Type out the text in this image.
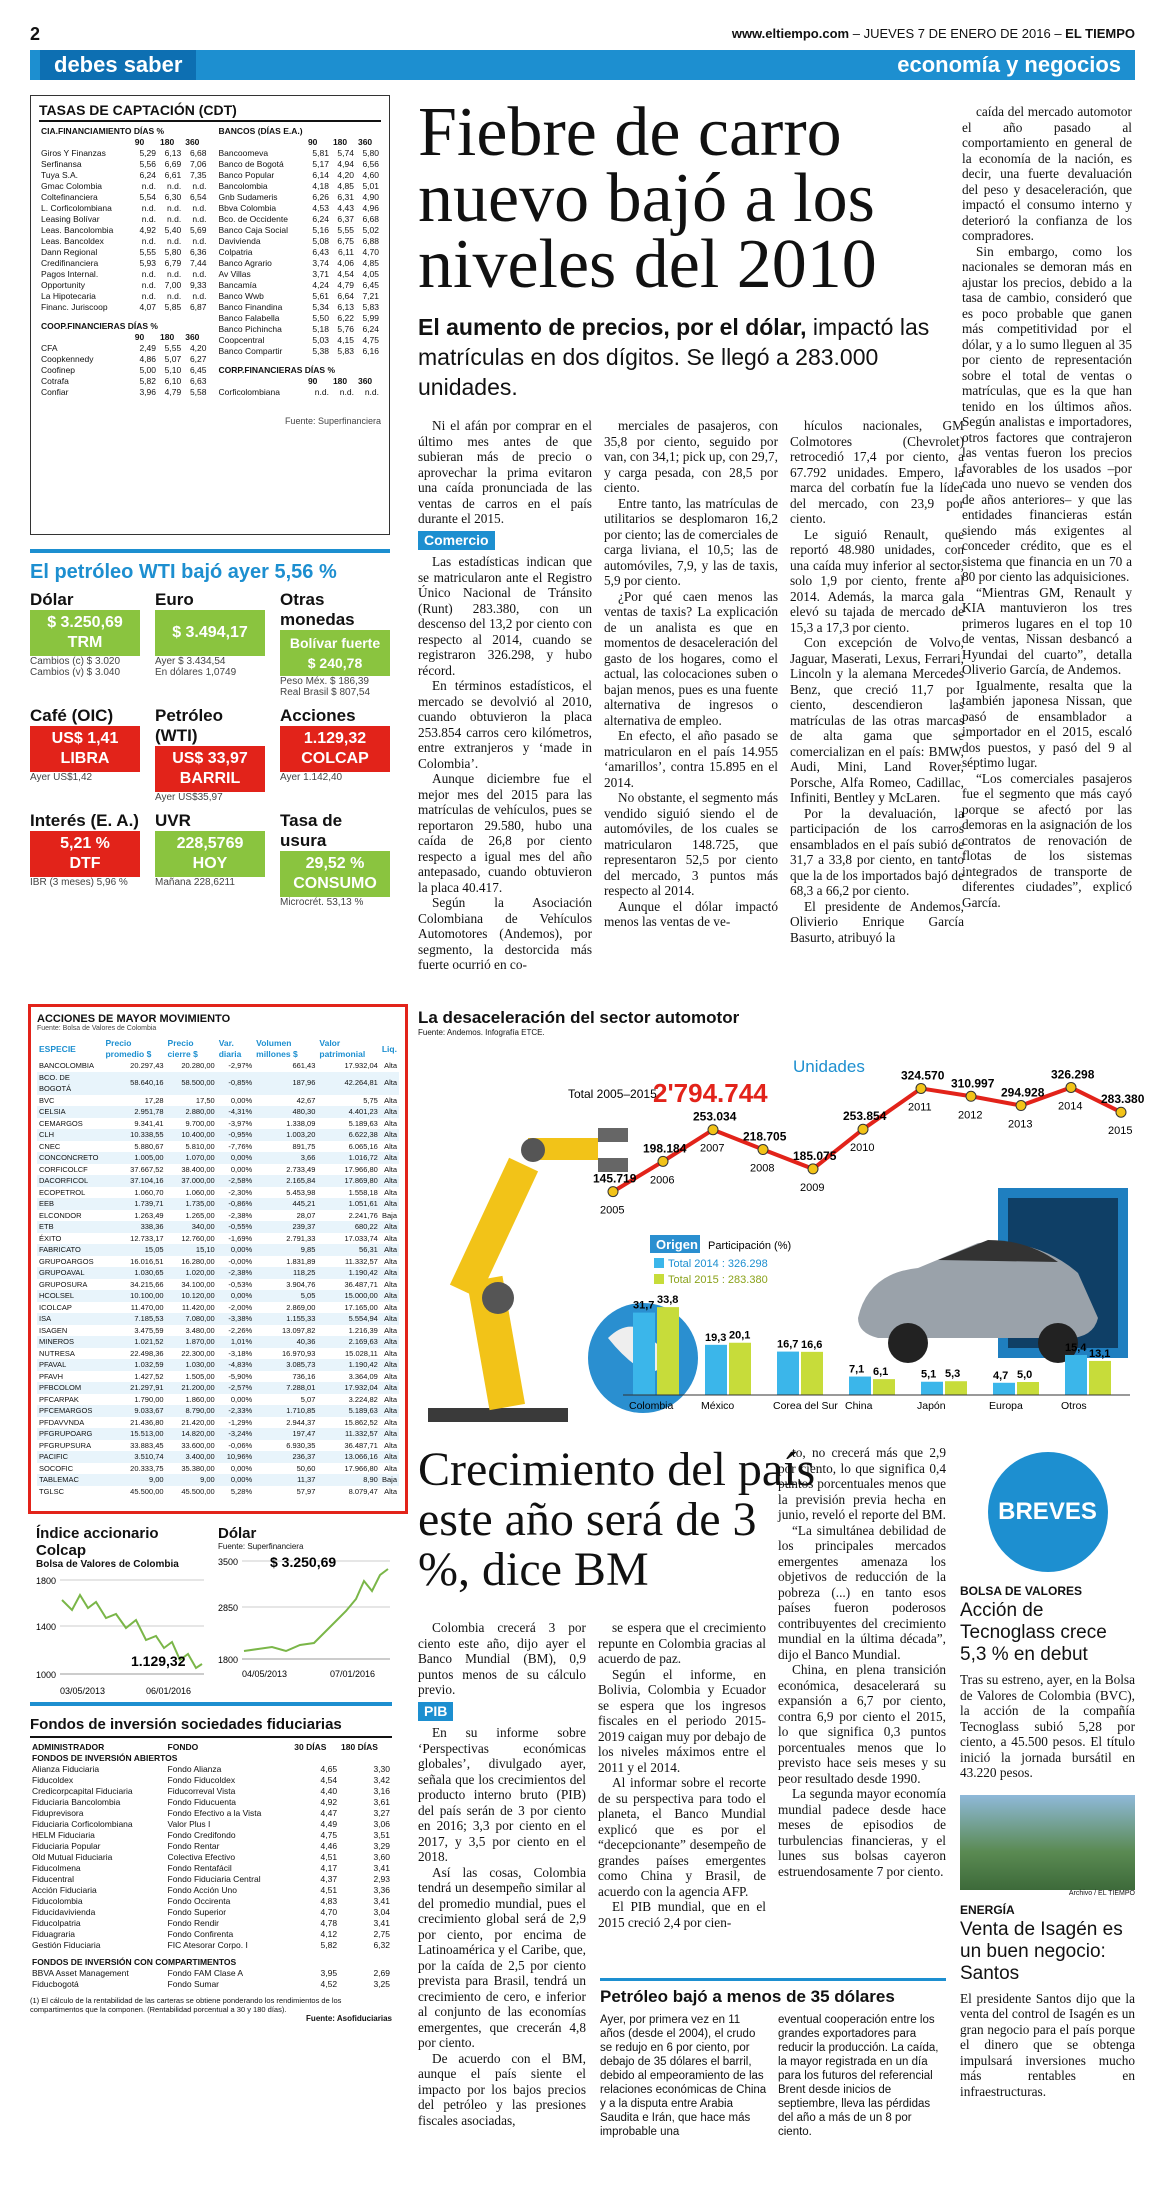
2	www.eltiempo.com – JUEVES 7 DE ENERO DE 2016 – EL TIEMPO
debes saber	economía y negocios
TASAS DE CAPTACIÓN (CDT)
CIA.FINANCIAMIENTO DÍAS %			
	90	180	360
Giros Y Finanzas	5,29	6,13	6,68
Serfinansa	5,56	6,69	7,06
Tuya S.A.	6,24	6,61	7,35
Gmac Colombia	n.d.	n.d.	n.d.
Coltefinanciera	5,54	6,30	6,54
L. Corficolombiana	n.d.	n.d.	n.d.
Leasing Bolívar	n.d.	n.d.	n.d.
Leas. Bancolombia	4,92	5,40	5,69
Leas. Bancoldex	n.d.	n.d.	n.d.
Dann Regional	5,55	5,80	6,36
Credifinanciera	5,93	6,79	7,44
Pagos Internal.	n.d.	n.d.	n.d.
Opportunity	n.d.	7,00	9,33
La Hipotecaria	n.d.	n.d.	n.d.
Financ. Juriscoop	4,07	5,85	6,87
COOP.FINANCIERAS DÍAS %			
	90	180	360
CFA	2,49	5,55	4,20
Coopkennedy	4,86	5,07	6,27
Coofinep	5,00	5,10	6,45
Cotrafa	5,82	6,10	6,63
Confiar	3,96	4,79	5,58
BANCOS (DÍAS E.A.)			
	90	180	360
Bancoomeva	5,81	5,74	5,80
Banco de Bogotá	5,17	4,94	6,56
Banco Popular	6,14	4,20	4,60
Bancolombia	4,18	4,85	5,01
Gnb Sudameris	6,26	6,31	4,90
Bbva Colombia	4,53	4,43	4,96
Bco. de Occidente	6,24	6,37	6,68
Banco Caja Social	5,16	5,55	5,02
Davivienda	5,08	6,75	6,88
Colpatria	6,43	6,11	4,70
Banco Agrario	3,74	4,06	4,85
Av Villas	3,71	4,54	4,05
Bancamía	4,24	4,79	6,45
Banco Wwb	5,61	6,64	7,21
Banco Finandina	5,34	6,13	5,83
Banco Falabella	5,50	6,22	5,99
Banco Pichincha	5,18	5,76	6,24
Coopcentral	5,03	4,15	4,75
Banco Compartir	5,38	5,83	6,16
CORP.FINANCIERAS DÍAS %			
	90	180	360
Corficolombiana	n.d.	n.d.	n.d.
Fuente: Superfinanciera
El petróleo WTI bajó ayer 5,56 %
Dólar
$ 3.250,69
TRM
Cambios (c) $ 3.020
Cambios (v) $ 3.040
Euro
$ 3.494,17
Ayer $ 3.434,54
En dólares 1,0749
Otras monedas
Bolívar fuerte
$ 240,78
Peso Méx. $ 186,39
Real Brasil $ 807,54
Café (OIC)
US$ 1,41
LIBRA
Ayer US$1,42
Petróleo (WTI)
US$ 33,97
BARRIL
Ayer US$35,97
Acciones
1.129,32
COLCAP
Ayer 1.142,40
Interés (E. A.)
5,21 %
DTF
IBR (3 meses) 5,96 %
UVR
228,5769
HOY
Mañana 228,6211
Tasa de usura
29,52 %
CONSUMO
Microcrét. 53,13 %
ACCIONES DE MAYOR MOVIMIENTO
Fuente: Bolsa de Valores de Colombia
ESPECIE	Precio promedio $	Precio cierre $	Var. diaria	Volumen millones $	Valor patrimonial	Liq.
BANCOLOMBIA	20.297,43	20.280,00	-2,97%	661,43	17.932,04	Alta
BCO. DE BOGOTÁ	58.640,16	58.500,00	-0,85%	187,96	42.264,81	Alta
BVC	17,28	17,50	0,00%	42,67	5,75	Alta
CELSIA	2.951,78	2.880,00	-4,31%	480,30	4.401,23	Alta
CEMARGOS	9.341,41	9.700,00	-3,97%	1.338,09	5.189,63	Alta
CLH	10.338,55	10.400,00	-0,95%	1.003,20	6.622,38	Alta
CNEC	5.880,67	5.810,00	-7,76%	891,75	6.065,16	Alta
CONCONCRETO	1.005,00	1.070,00	0,00%	3,66	1.016,72	Alta
CORFICOLCF	37.667,52	38.400,00	0,00%	2.733,49	17.966,80	Alta
DACORFICOL	37.104,16	37.000,00	-2,58%	2.165,84	17.869,80	Alta
ECOPETROL	1.060,70	1.060,00	-2,30%	5.453,98	1.558,18	Alta
EEB	1.739,71	1.735,00	-0,86%	445,21	1.051,61	Alta
ELCONDOR	1.263,49	1.265,00	-2,38%	28,07	2.241,76	Baja
ETB	338,36	340,00	-0,55%	239,37	680,22	Alta
ÉXITO	12.733,17	12.760,00	-1,69%	2.791,33	17.033,74	Alta
FABRICATO	15,05	15,10	0,00%	9,85	56,31	Alta
GRUPOARGOS	16.016,51	16.280,00	-0,00%	1.831,89	11.332,57	Alta
GRUPOAVAL	1.030,65	1.020,00	-2,38%	118,25	1.190,42	Alta
GRUPOSURA	34.215,66	34.100,00	-0,53%	3.904,76	36.487,71	Alta
HCOLSEL	10.100,00	10.120,00	0,00%	5,05	15.000,00	Alta
ICOLCAP	11.470,00	11.420,00	-2,00%	2.869,00	17.165,00	Alta
ISA	7.185,53	7.080,00	-3,38%	1.155,33	5.554,94	Alta
ISAGEN	3.475,59	3.480,00	-2,26%	13.097,82	1.216,39	Alta
MINEROS	1.021,52	1.870,00	1,01%	40,36	2.169,63	Alta
NUTRESA	22.498,36	22.300,00	-3,18%	16.970,93	15.028,11	Alta
PFAVAL	1.032,59	1.030,00	-4,83%	3.085,73	1.190,42	Alta
PFAVH	1.427,52	1.505,00	-5,90%	736,16	3.364,09	Alta
PFBCOLOM	21.297,91	21.200,00	-2,57%	7.288,01	17.932,04	Alta
PFCARPAK	1.790,00	1.860,00	0,00%	5,07	3.224,82	Alta
PFCEMARGOS	9.033,67	8.790,00	-2,33%	1.710,85	5.189,63	Alta
PFDAVVNDA	21.436,80	21.420,00	-1,29%	2.944,37	15.862,52	Alta
PFGRUPOARG	15.513,00	14.820,00	-3,24%	197,47	11.332,57	Alta
PFGRUPSURA	33.883,45	33.600,00	-0,06%	6.930,35	36.487,71	Alta
PACIFIC	3.510,74	3.400,00	10,96%	236,37	13.066,16	Alta
SOCOFIC	20.333,75	35.380,00	0,00%	50,60	17.966,80	Alta
TABLEMAC	9,00	9,00	0,00%	11,37	8,90	Baja
TGLSC	45.500,00	45.500,00	5,28%	57,97	8.079,47	Alta
Índice accionario Colcap
Bolsa de Valores de Colombia
1800
1400
1000
1.129,32
03/05/2013	06/01/2016
Dólar
Fuente: Superfinanciera
3500
2850
1800
$ 3.250,69
04/05/2013	07/01/2016
Fondos de inversión sociedades fiduciarias
ADMINISTRADOR	FONDO	30 DÍAS	180 DÍAS
FONDOS DE INVERSIÓN ABIERTOS			
Alianza Fiduciaria	Fondo Alianza	4,65	3,30
Fiducoldex	Fondo Fiducoldex	4,54	3,42
Credicorpcapital Fiduciaria	Fiducorreval Vista	4,40	3,16
Fiduciaria Bancolombia	Fondo Fiducuenta	4,92	3,61
Fiduprevisora	Fondo Efectivo a la Vista	4,47	3,27
Fiduciaria Corficolombiana	Valor Plus I	4,49	3,06
HELM Fiduciaria	Fondo Credifondo	4,75	3,51
Fiduciaria Popular	Fondo Rentar	4,46	3,29
Old Mutual Fiduciaria	Colectiva Efectivo	4,51	3,60
Fiducolmena	Fondo Rentafácil	4,17	3,41
Fiducentral	Fondo Fiduciaria Central	4,37	2,93
Acción Fiduciaria	Fondo Acción Uno	4,51	3,36
Fiducolombia	Fondo Occirenta	4,83	3,41
Fiducidavivienda	Fondo Superior	4,70	3,04
Fiducolpatria	Fondo Rendir	4,78	3,41
Fiduagraria	Fondo Confirenta	4,12	2,75
Gestión Fiduciaria	FIC Atesorar Corpo. I	5,82	6,32
FONDOS DE INVERSIÓN CON COMPARTIMENTOS			
BBVA Asset Management	Fondo FAM Clase A	3,95	2,69
Fiducbogotá	Fondo Sumar	4,52	3,25
(1) El cálculo de la rentabilidad de las carteras se obtiene ponderando los rendimientos de los compartimentos que la componen. (Rentabilidad porcentual a 30 y 180 días).
Fuente: Asofiduciarias
Fiebre de carro nuevo bajó a los niveles del 2010
El aumento de precios, por el dólar, impactó las matrículas en dos dígitos. Se llegó a 283.000 unidades.

Ni el afán por comprar en el último mes antes de que subieran más de precio o aprovechar la prima evitaron una caída pronunciada de las ventas de carros en el país durante el 2015.

Comercio

Las estadísticas indican que se matricularon ante el Registro Único Nacional de Tránsito (Runt) 283.380, con un descenso del 13,2 por ciento con respecto al 2014, cuando se registraron 326.298, y hubo récord.

En términos estadísticos, el mercado se devolvió al 2010, cuando obtuvieron la placa 253.854 carros cero kilómetros, entre extranjeros y ‘made in Colombia’.

Aunque diciembre fue el mejor mes del 2015 para las matrículas de vehículos, pues se reportaron 29.580, hubo una caída de 26,8 por ciento respecto a igual mes del año antepasado, cuando obtuvieron la placa 40.417.

Según la Asociación Colombiana de Vehículos Automotores (Andemos), por segmento, la destorcida más fuerte ocurrió en co-

merciales de pasajeros, con 35,8 por ciento, seguido por van, con 34,1; pick up, con 29,7, y carga pesada, con 28,5 por ciento.

Entre tanto, las matrículas de utilitarios se desplomaron 16,2 por ciento; las de comerciales de carga liviana, el 10,5; las de automóviles, 7,9, y las de taxis, 5,9 por ciento.

¿Por qué caen menos las ventas de taxis? La explicación de un analista es que en momentos de desaceleración del gasto de los hogares, como el actual, las colocaciones suben o bajan menos, pues es una fuente alternativa de ingresos o alternativa de empleo.

En efecto, el año pasado se matricularon en el país 14.955 ‘amarillos’, contra 15.895 en el 2014.

No obstante, el segmento más vendido siguió siendo el de automóviles, de los cuales se matricularon 148.725, que representaron 52,5 por ciento del mercado, 3 puntos más respecto al 2014.

Aunque el dólar impactó menos las ventas de ve-

hículos nacionales, GM Colmotores (Chevrolet) retrocedió 17,4 por ciento, a 67.792 unidades. Empero, la marca del corbatín fue la líder del mercado, con 23,9 por ciento.

Le siguió Renault, que reportó 48.980 unidades, con una caída muy inferior al sector, solo 1,9 por ciento, frente al 2014. Además, la marca gala elevó su tajada de mercado de 15,3 a 17,3 por ciento.

Con excepción de Volvo, Jaguar, Maserati, Lexus, Ferrari, Lincoln y la alemana Mercedes Benz, que creció 11,7 por ciento, descendieron las matrículas de las otras marcas de alta gama que se comercializan en el país: BMW, Audi, Mini, Land Rover, Porsche, Alfa Romeo, Cadillac, Infiniti, Bentley y McLaren.

Por la devaluación, la participación de los carros ensamblados en el país subió de 31,7 a 33,8 por ciento, en tanto que la de los importados bajó de 68,3 a 66,2 por ciento.

El presidente de Andemos, Olivierio Enrique García Basurto, atribuyó la

caída del mercado automotor el año pasado al comportamiento en general de la economía de la nación, es decir, una fuerte devaluación del peso y desaceleración, que impactó el consumo interno y deterioró la confianza de los compradores.

Sin embargo, como los nacionales se demoran más en ajustar los precios, debido a la tasa de cambio, consideró que es poco probable que ganen más competitividad por el dólar, y a lo sumo lleguen al 35 por ciento de representación sobre el total de ventas o matrículas, que es la que han tenido en los últimos años. Según analistas e importadores, otros factores que contrajeron las ventas fueron los precios favorables de los usados –por cada uno nuevo se venden dos de años anteriores– y que las entidades financieras están siendo más exigentes al conceder crédito, que es el sistema que financia en un 70 a 80 por ciento las adquisiciones.

“Mientras GM, Renault y KIA mantuvieron los tres primeros lugares en el top 10 de ventas, Nissan desbancó a Hyundai del cuarto”, detalla Oliverio García, de Andemos.

Igualmente, resalta que la también japonesa Nissan, que pasó de ensamblador a importador en el 2015, escaló dos puestos, y pasó del 9 al séptimo lugar.

“Los comerciales pasajeros fue el segmento que más cayó porque se afectó por las demoras en la asignación de los contratos de renovación de flotas de los sistemas integrados de transporte de diferentes ciudades”, explicó García.

La desaceleración del sector automotor
Fuente: Andemos. Infografía ETCE.
Total 2005–2015
2'794.744
Unidades
145.719
2005
198.184
2006
253.034
2007
218.705
2008
185.075
2009
253.854
2010
324.570
2011
310.997
2012
294.928
2013
326.298
2014
283.380
2015
Origen Participación (%)
Total 2014 : 326.298
Total 2015 : 283.380
31,7 33,8
Colombia
19,3 20,1
México
16,7 16,6
Corea del Sur
7,1 6,1
China
5,1 5,3
Japón
4,7 5,0
Europa
15,4 13,1
Otros
Crecimiento del país este año será de 3 %, dice BM

Colombia crecerá 3 por ciento este año, dijo ayer el Banco Mundial (BM), 0,9 puntos menos de su cálculo previo.

PIB

En su informe sobre ‘Perspectivas económicas globales’, divulgado ayer, señala que los crecimientos del producto interno bruto (PIB) del país serán de 3 por ciento en 2016; 3,3 por ciento en el 2017, y 3,5 por ciento en el 2018.

Así las cosas, Colombia tendrá un desempeño similar al del promedio mundial, pues el crecimiento global será de 2,9 por ciento, por encima de Latinoamérica y el Caribe, que, por la caída de 2,5 por ciento prevista para Brasil, tendrá un crecimiento de cero, e inferior al conjunto de las economías emergentes, que crecerán 4,8 por ciento.

De acuerdo con el BM, aunque el país siente el impacto por los bajos precios del petróleo y las presiones fiscales asociadas,

se espera que el crecimiento repunte en Colombia gracias al acuerdo de paz.

Según el informe, en Bolivia, Colombia y Ecuador se espera que los ingresos fiscales en el periodo 2015-2019 caigan muy por debajo de los niveles máximos entre el 2011 y el 2014.

Al informar sobre el recorte de su perspectiva para todo el planeta, el Banco Mundial explicó que es por el “decepcionante” desempeño de grandes países emergentes como China y Brasil, de acuerdo con la agencia AFP.

El PIB mundial, que en el 2015 creció 2,4 por cien-

to, no crecerá más que 2,9 por ciento, lo que significa 0,4 puntos porcentuales menos que la previsión previa hecha en junio, reveló el reporte del BM.

“La simultánea debilidad de los principales mercados emergentes amenaza los objetivos de reducción de la pobreza (...) en tanto esos países fueron poderosos contribuyentes del crecimiento mundial en la última década”, dijo el Banco Mundial.

China, en plena transición económica, desacelerará su expansión a 6,7 por ciento, contra 6,9 por ciento el 2015, lo que significa 0,3 puntos porcentuales menos que lo previsto hace seis meses y su peor resultado desde 1990.

La segunda mayor economía mundial padece desde hace meses de episodios de turbulencias financieras, y el lunes sus bolsas cayeron estruendosamente 7 por ciento.

Petróleo bajó a menos de 35 dólares
Ayer, por primera vez en 11 años (desde el 2004), el crudo se redujo en 6 por ciento, por debajo de 35 dólares el barril, debido al empeoramiento de las relaciones económicas de China y a la disputa entre Arabia Saudita e Irán, que hace más improbable una
eventual cooperación entre los grandes exportadores para reducir la producción. La caída, la mayor registrada en un día para los futuros del referencial Brent desde inicios de septiembre, lleva las pérdidas del año a más de un 8 por ciento.
BREVES
BOLSA DE VALORES
Acción de Tecnoglass crece 5,3 % en debut
Tras su estreno, ayer, en la Bolsa de Valores de Colombia (BVC), la acción de la compañía Tecnoglass subió 5,28 por ciento, a 45.500 pesos. El título inició la jornada bursátil en 43.220 pesos.
Archivo / EL TIEMPO
ENERGÍA
Venta de Isagén es un buen negocio: Santos
El presidente Santos dijo que la venta del control de Isagén es un gran negocio para el país porque el dinero que se obtenga impulsará inversiones mucho más rentables en infraestructuras.
